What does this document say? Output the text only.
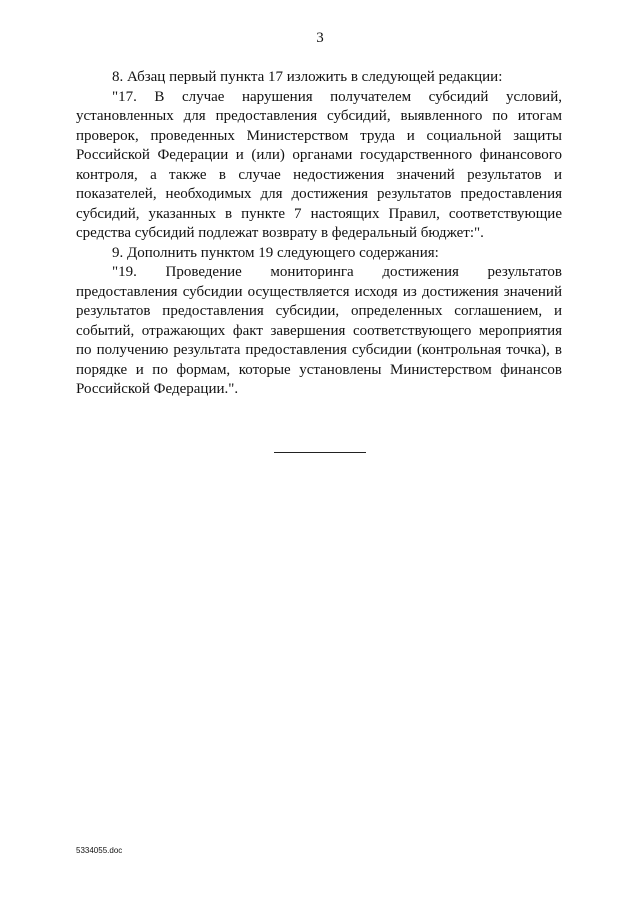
3

8. Абзац первый пункта 17 изложить в следующей редакции:

"17. В случае нарушения получателем субсидий условий, установленных для предоставления субсидий, выявленного по итогам проверок, проведенных Министерством труда и социальной защиты Российской Федерации и (или) органами государственного финансового контроля, а также в случае недостижения значений результатов и показателей, необходимых для достижения результатов предоставления субсидий, указанных в пункте 7 настоящих Правил, соответствующие средства субсидий подлежат возврату в федеральный бюджет:".

9. Дополнить пунктом 19 следующего содержания:

"19. Проведение мониторинга достижения результатов предоставления субсидии осуществляется исходя из достижения значений результатов предоставления субсидии, определенных соглашением, и событий, отражающих факт завершения соответствующего мероприятия по получению результата предоставления субсидии (контрольная точка), в порядке и по формам, которые установлены Министерством финансов Российской Федерации.".

5334055.doc
